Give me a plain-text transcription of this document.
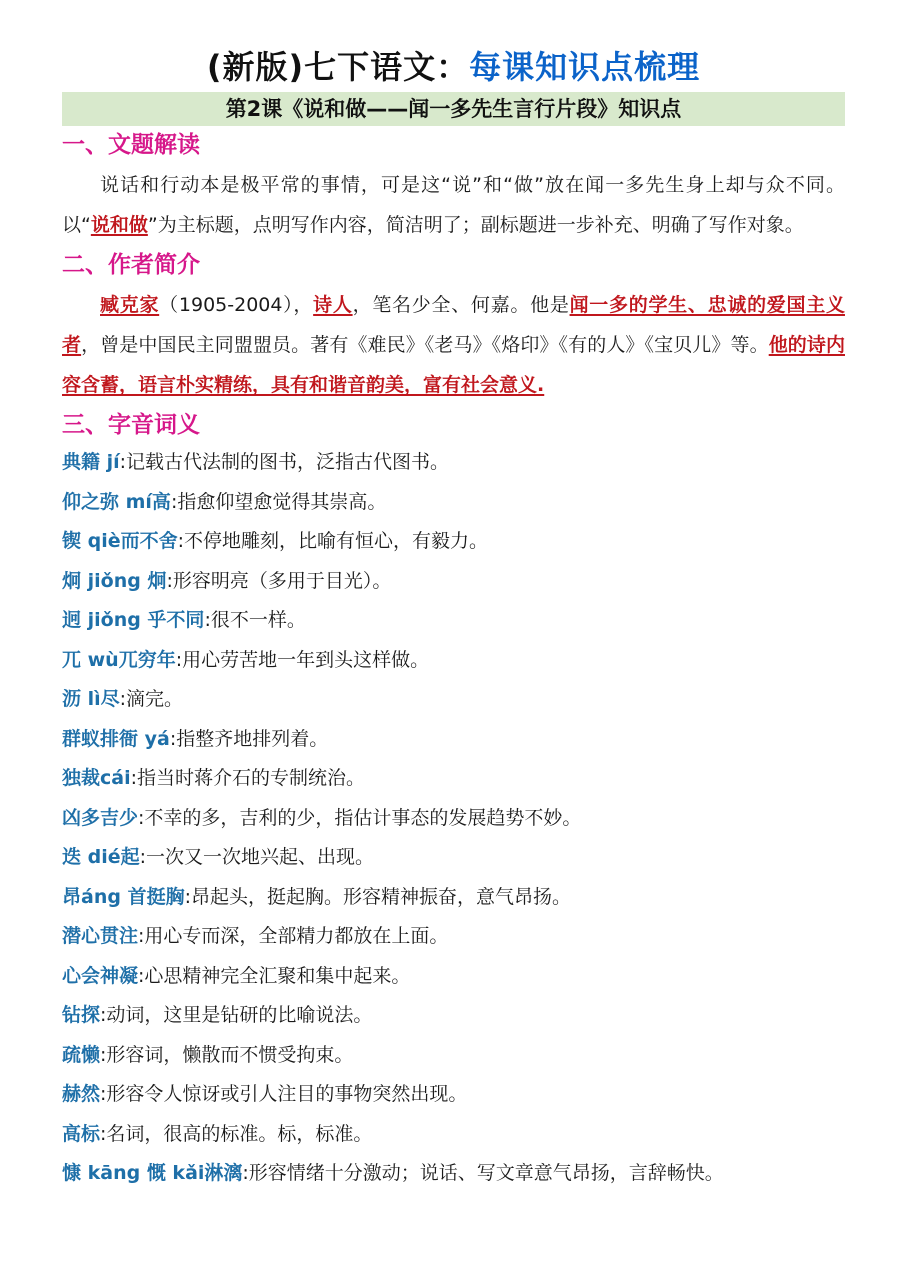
(新版)七下语文：每课知识点梳理
第2课《说和做——闻一多先生言行片段》知识点
一、文题解读
说话和行动本是极平常的事情，可是这“说”和“做”放在闻一多先生身上却与众不同。以“说和做”为主标题，点明写作内容，简洁明了；副标题进一步补充、明确了写作对象。
二、作者简介
臧克家（1905-2004），诗人，笔名少全、何嘉。他是闻一多的学生、忠诚的爱国主义者，曾是中国民主同盟盟员。著有《难民》《老马》《烙印》《有的人》《宝贝儿》等。他的诗内容含蓄，语言朴实精练，具有和谐音韵美，富有社会意义.
三、字音词义
典籍 jí:记载古代法制的图书，泛指古代图书。
仰之弥 mí高:指愈仰望愈觉得其崇高。
锲 qiè而不舍:不停地雕刻，比喻有恒心，有毅力。
炯 jiǒng 炯:形容明亮（多用于目光）。
迥 jiǒng 乎不同:很不一样。
兀 wù兀穷年:用心劳苦地一年到头这样做。
沥 lì尽:滴完。
群蚁排衙 yá:指整齐地排列着。
独裁cái:指当时蒋介石的专制统治。
凶多吉少:不幸的多，吉利的少，指估计事态的发展趋势不妙。
迭 dié起:一次又一次地兴起、出现。
昂áng 首挺胸:昂起头，挺起胸。形容精神振奋，意气昂扬。
潜心贯注:用心专而深，全部精力都放在上面。
心会神凝:心思精神完全汇聚和集中起来。
钻探:动词，这里是钻研的比喻说法。
疏懒:形容词，懒散而不惯受拘束。
赫然:形容令人惊讶或引人注目的事物突然出现。
高标:名词，很高的标准。标，标准。
慷 kāng 慨 kǎi淋漓:形容情绪十分激动；说话、写文章意气昂扬，言辞畅快。
